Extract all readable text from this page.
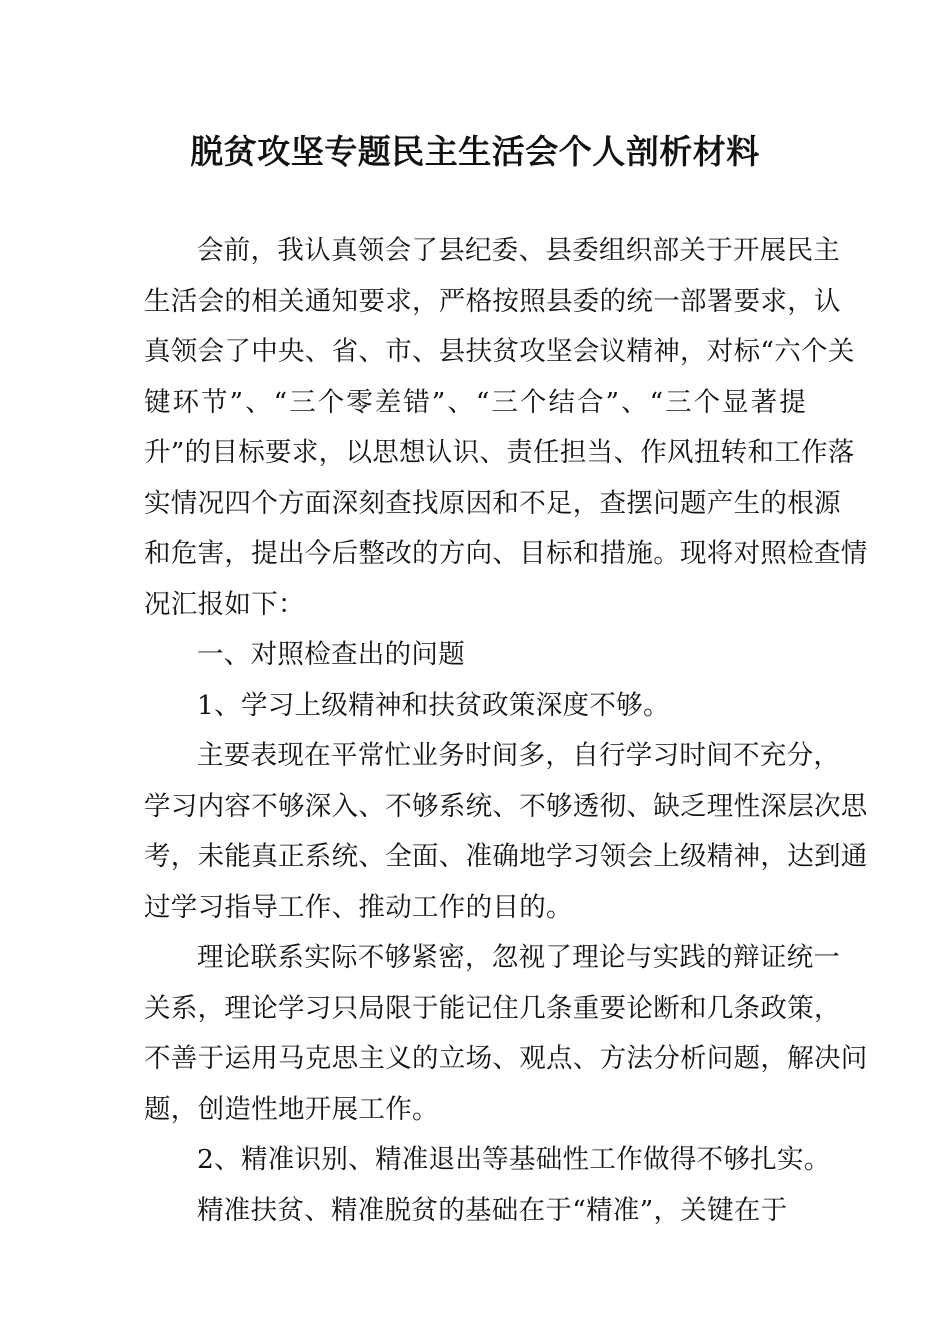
脱贫攻坚专题民主生活会个人剖析材料
会前，我认真领会了县纪委、县委组织部关于开展民主
生活会的相关通知要求，严格按照县委的统一部署要求，认
真领会了中央、省、市、县扶贫攻坚会议精神，对标“六个关
键环节”、“三个零差错”、“三个结合”、“三个显著提
升”的目标要求，以思想认识、责任担当、作风扭转和工作落
实情况四个方面深刻查找原因和不足，查摆问题产生的根源
和危害，提出今后整改的方向、目标和措施。现将对照检查情
况汇报如下：
一、对照检查出的问题
1、学习上级精神和扶贫政策深度不够。
主要表现在平常忙业务时间多，自行学习时间不充分，
学习内容不够深入、不够系统、不够透彻、缺乏理性深层次思
考，未能真正系统、全面、准确地学习领会上级精神，达到通
过学习指导工作、推动工作的目的。
理论联系实际不够紧密，忽视了理论与实践的辩证统一
关系，理论学习只局限于能记住几条重要论断和几条政策，
不善于运用马克思主义的立场、观点、方法分析问题，解决问
题，创造性地开展工作。
2、精准识别、精准退出等基础性工作做得不够扎实。
精准扶贫、精准脱贫的基础在于“精准”，关键在于
